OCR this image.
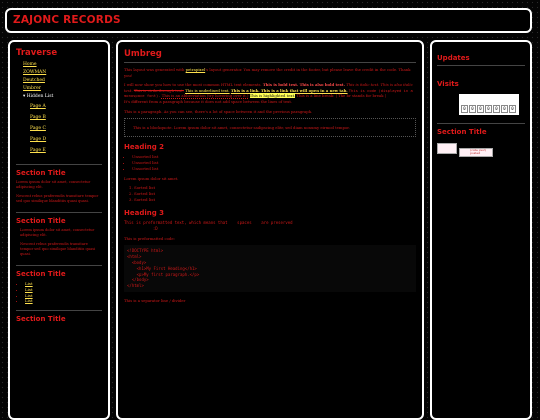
ZAJONC RECORDS
Traverse
Home
ZOWMAN
Deutched
Umbrer
▾ Hidden List
Page A
Page B
Page C
Page D
Page E
Section Title
Lorem ipsum dolor sit amet, consectetur adipiscing elit.
Nescent rebus praferendis transitare tempor sed quo similique blanditiis quasi quasi.
Section Title
Lorem ipsum dolor sit amet, consectetur adipiscing elit.
Nescent rebus praferendis transitare tempor sed quo similique blanditiis quasi quasi.
Section Title
• List
• List
• List
• List
Section Title
Umbreg

This layout was generated with petrapixel's layout generator. You may remove the credit in the footer, but please leave the credit in the code. Thank you!

I will now show you how to use the most common HTML text elements. This is bold text. This is also bold text. This is italic text. This is also italic text. This is strikethrough text. This is underlined text. This is a link. This is a link that will open in a new tab. This is code (displayed in a monospace font). This is an abbreviation (try hovering over it.) This is highlighted text. This is a line break: | The br stands for break |
It's different from a paragraph because it does not add space between the lines of text.

This is a paragraph. As you can see, there's a lot of space between it and the previous paragraph.

This is a blockquote. Lorem ipsum dolor sit amet, consectetur sadipscing elitr, sed diam nonumy eirmod tempor.
Heading 2
• Unsorted list
• Unsorted list
• Unsorted list

Lorem ipsum dolor sit amet.

1. Sorted list
2. Sorted list
3. Sorted list
Heading 3
This is preformatted text, which means that    spaces    are preserved
:D

This is preformatted code:

<!DOCTYPE html>
<html>
<body>
<h1>My First Heading</h1>
<p>My first paragraph.</p>
</body>
</html>

This is a separator line / divider

Updates
Visits
0 0 0 0 0 0 0
Section Title
(cute yes!) posted
